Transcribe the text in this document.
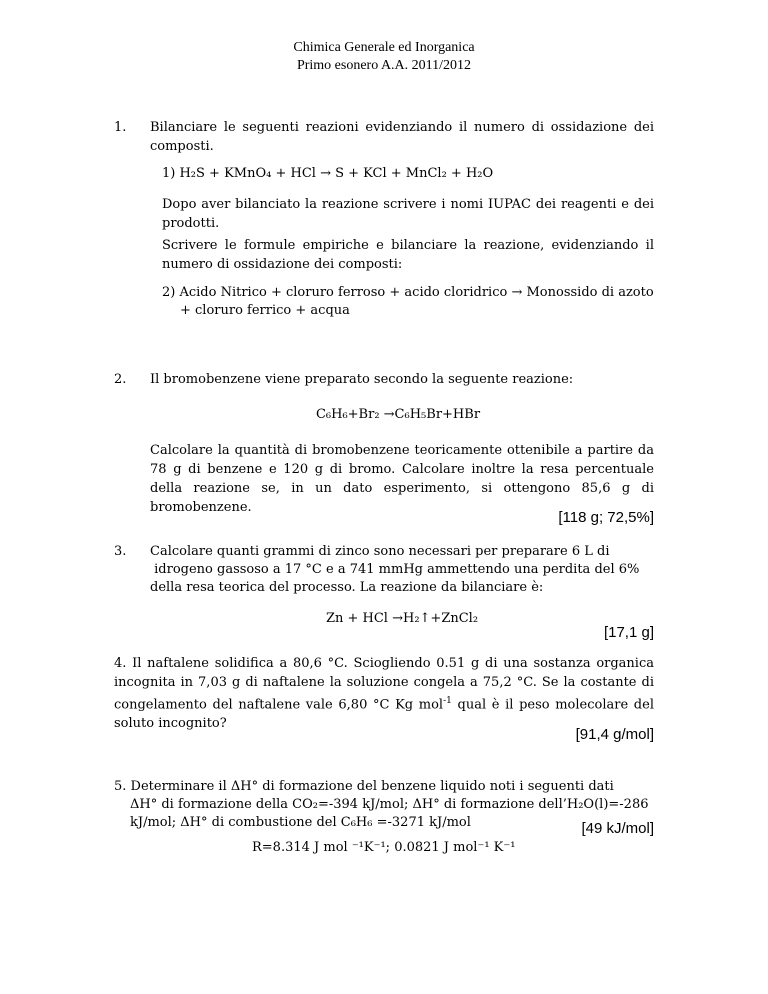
Chimica Generale ed Inorganica
Primo esonero A.A. 2011/2012
1. Bilanciare le seguenti reazioni evidenziando il numero di ossidazione dei composti.
1) H₂S + KMnO₄ + HCl → S + KCl + MnCl₂ + H₂O
Dopo aver bilanciato la reazione scrivere i nomi IUPAC dei reagenti e dei prodotti.
Scrivere le formule empiriche e bilanciare la reazione, evidenziando il numero di ossidazione dei composti:
2) Acido Nitrico + cloruro ferroso + acido cloridrico → Monossido di azoto
+ cloruro ferrico + acqua
2. Il bromobenzene viene preparato secondo la seguente reazione:
C₆H₆+Br₂ →C₆H₅Br+HBr
Calcolare la quantità di bromobenzene teoricamente ottenibile a partire da 78 g di benzene e 120 g di bromo. Calcolare inoltre la resa percentuale della reazione se, in un dato esperimento, si ottengono 85,6 g di bromobenzene.
[118 g; 72,5%]
3. Calcolare quanti grammi di zinco sono necessari per preparare 6 L di
idrogeno gassoso a 17 °C e a 741 mmHg ammettendo una perdita del 6%
della resa teorica del processo. La reazione da bilanciare è:
Zn + HCl →H₂↑+ZnCl₂
[17,1 g]
4. Il naftalene solidifica a 80,6 °C. Sciogliendo 0.51 g di una sostanza organica incognita in 7,03 g di naftalene la soluzione congela a 75,2 °C. Se la costante di congelamento del naftalene vale 6,80 °C Kg mol$^{-1}$ qual è il peso molecolare del soluto incognito?
[91,4 g/mol]
5. Determinare il ΔH° di formazione del benzene liquido noti i seguenti dati
ΔH° di formazione della CO₂=-394 kJ/mol; ΔH° di formazione dell’H₂O(l)=-286
kJ/mol; ΔH° di combustione del C₆H₆ =-3271 kJ/mol	[49 kJ/mol]
R=8.314 J mol ⁻¹K⁻¹; 0.0821 J mol⁻¹ K⁻¹
